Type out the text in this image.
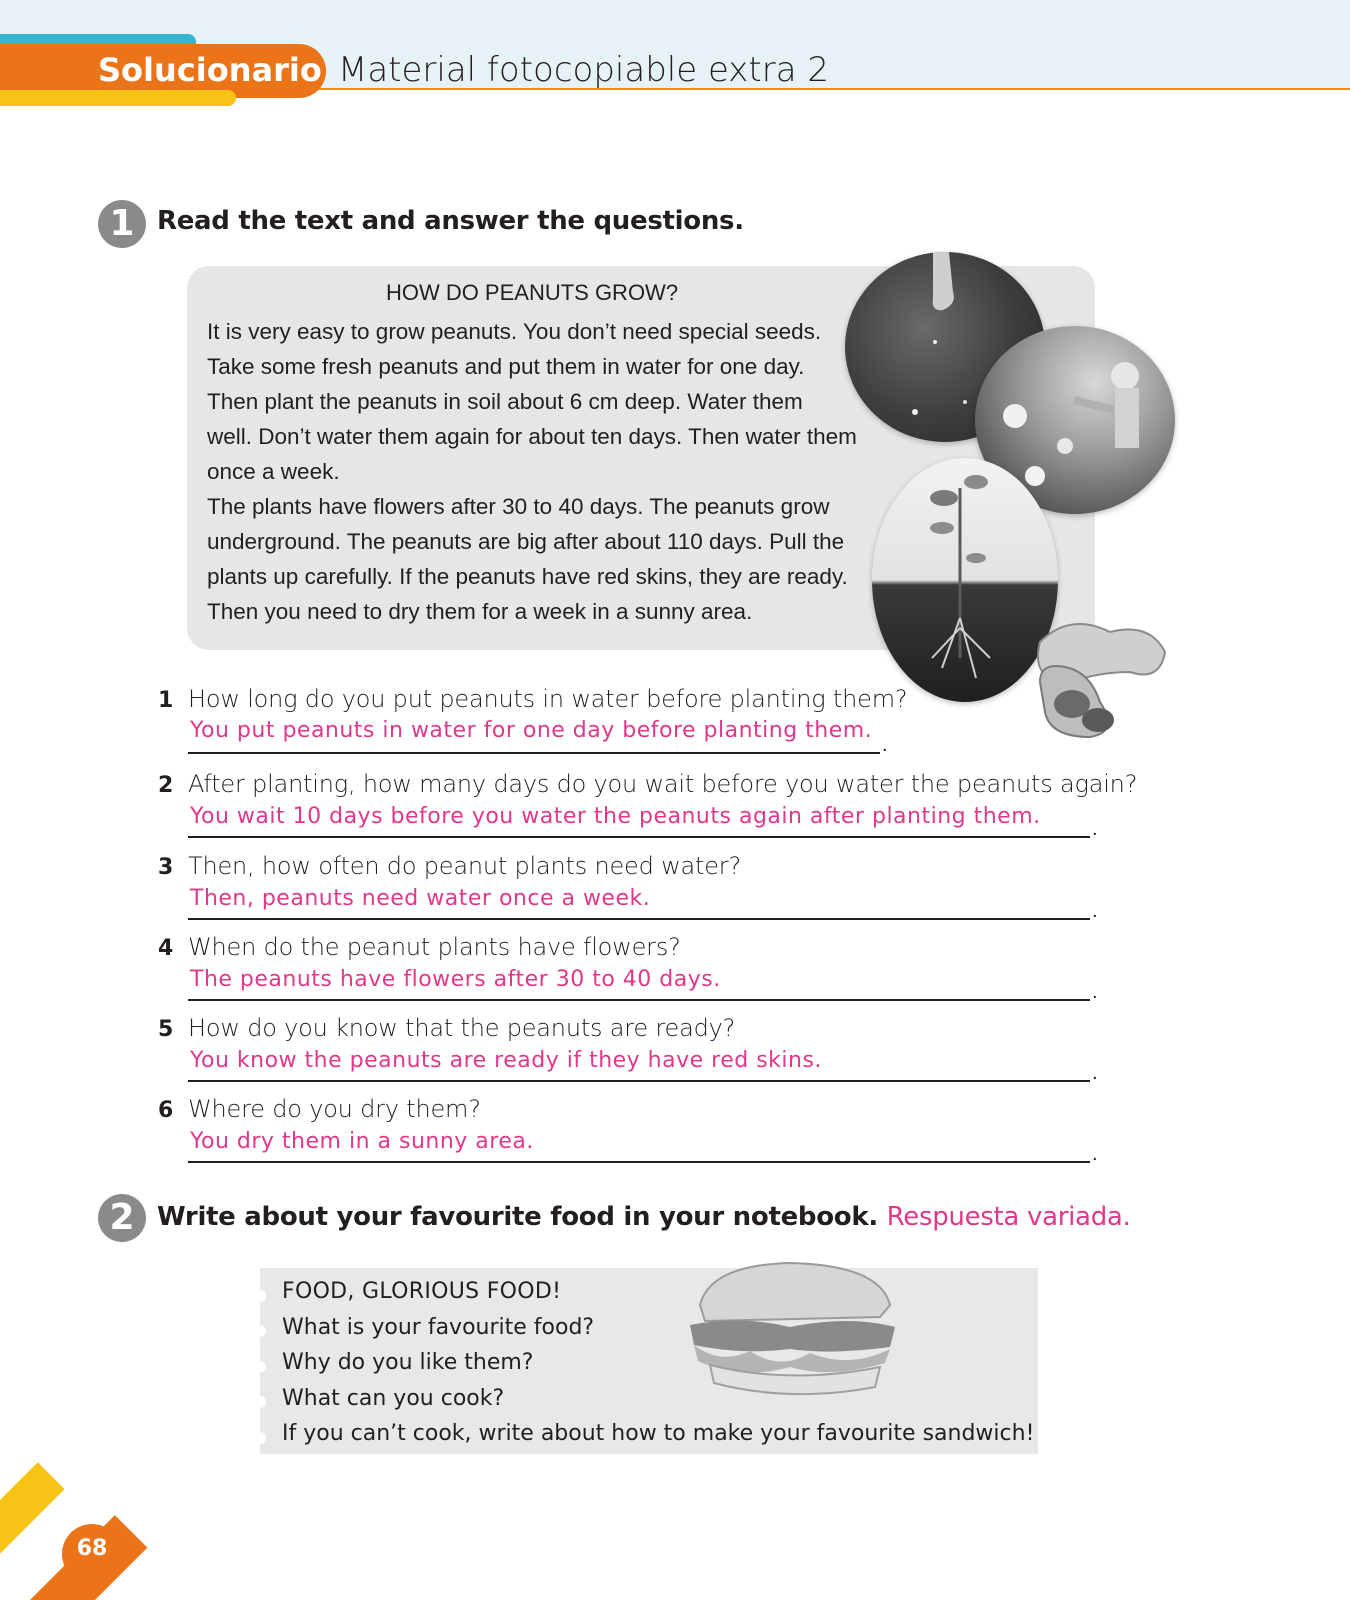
Solucionario Material fotocopiable extra 2
1 Read the text and answer the questions.
HOW DO PEANUTS GROW?
It is very easy to grow peanuts. You don’t need special seeds.
Take some fresh peanuts and put them in water for one day.
Then plant the peanuts in soil about 6 cm deep. Water them
well. Don’t water them again for about ten days. Then water them
once a week.
The plants have flowers after 30 to 40 days. The peanuts grow
underground. The peanuts are big after about 110 days. Pull the
plants up carefully. If the peanuts have red skins, they are ready.
Then you need to dry them for a week in a sunny area.
1 How long do you put peanuts in water before planting them?
You put peanuts in water for one day before planting them.
.
2 After planting, how many days do you wait before you water the peanuts again?
You wait 10 days before you water the peanuts again after planting them.	.
3 Then, how often do peanut plants need water?
Then, peanuts need water once a week.	.
4 When do the peanut plants have flowers?
The peanuts have flowers after 30 to 40 days.	.
5 How do you know that the peanuts are ready?
You know the peanuts are ready if they have red skins.	.
6 Where do you dry them?
You dry them in a sunny area.	.
2 Write about your favourite food in your notebook. Respuesta variada.
FOOD, GLORIOUS FOOD!
What is your favourite food?
Why do you like them?
What can you cook?
If you can’t cook, write about how to make your favourite sandwich!
68
